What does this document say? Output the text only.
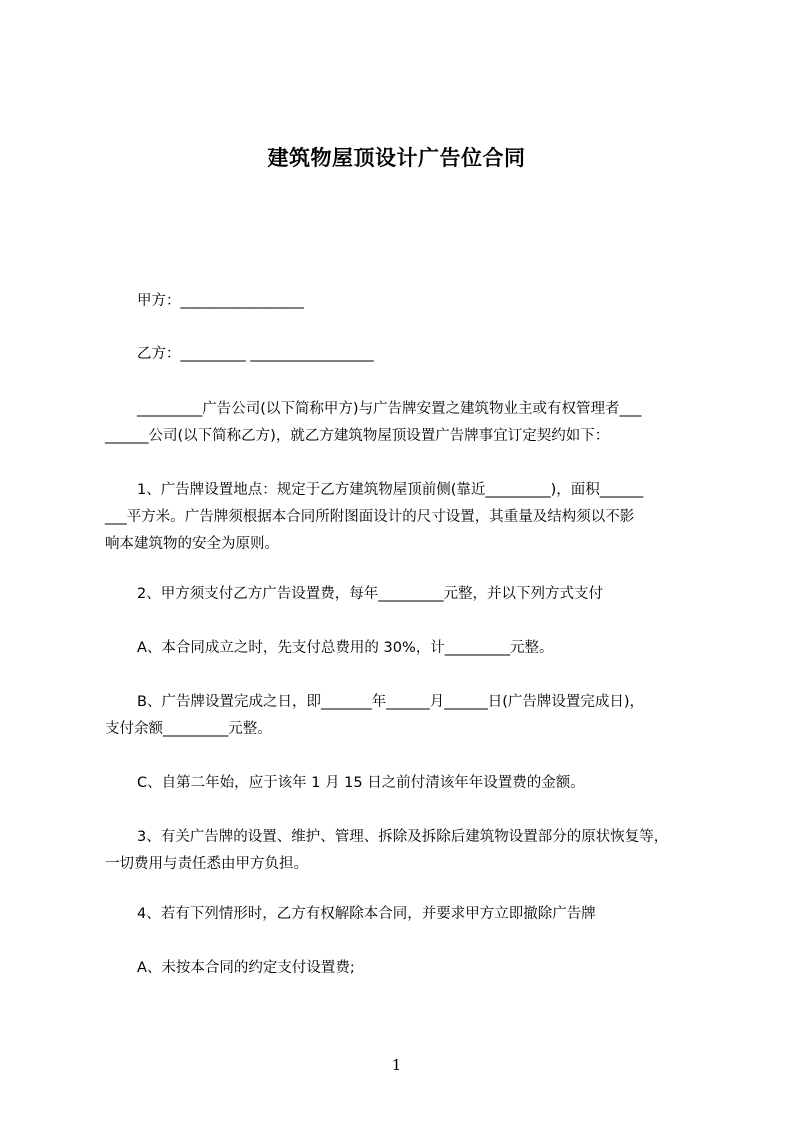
建筑物屋顶设计广告位合同
甲方：_________________
乙方：_________ _________________
_________广告公司(以下简称甲方)与广告牌安置之建筑物业主或有权管理者___
______公司(以下简称乙方)，就乙方建筑物屋顶设置广告牌事宜订定契约如下：
1、广告牌设置地点：规定于乙方建筑物屋顶前侧(靠近_________)，面积______
___平方米。广告牌须根据本合同所附图面设计的尺寸设置，其重量及结构须以不影
响本建筑物的安全为原则。
2、甲方须支付乙方广告设置费，每年_________元整，并以下列方式支付
A、本合同成立之时，先支付总费用的 30%，计_________元整。
B、广告牌设置完成之日，即_______年______月______日(广告牌设置完成日)，
支付余额_________元整。
C、自第二年始，应于该年 1 月 15 日之前付清该年年设置费的金额。
3、有关广告牌的设置、维护、管理、拆除及拆除后建筑物设置部分的原状恢复等，
一切费用与责任悉由甲方负担。
4、若有下列情形时，乙方有权解除本合同，并要求甲方立即撤除广告牌
A、未按本合同的约定支付设置费;
1
